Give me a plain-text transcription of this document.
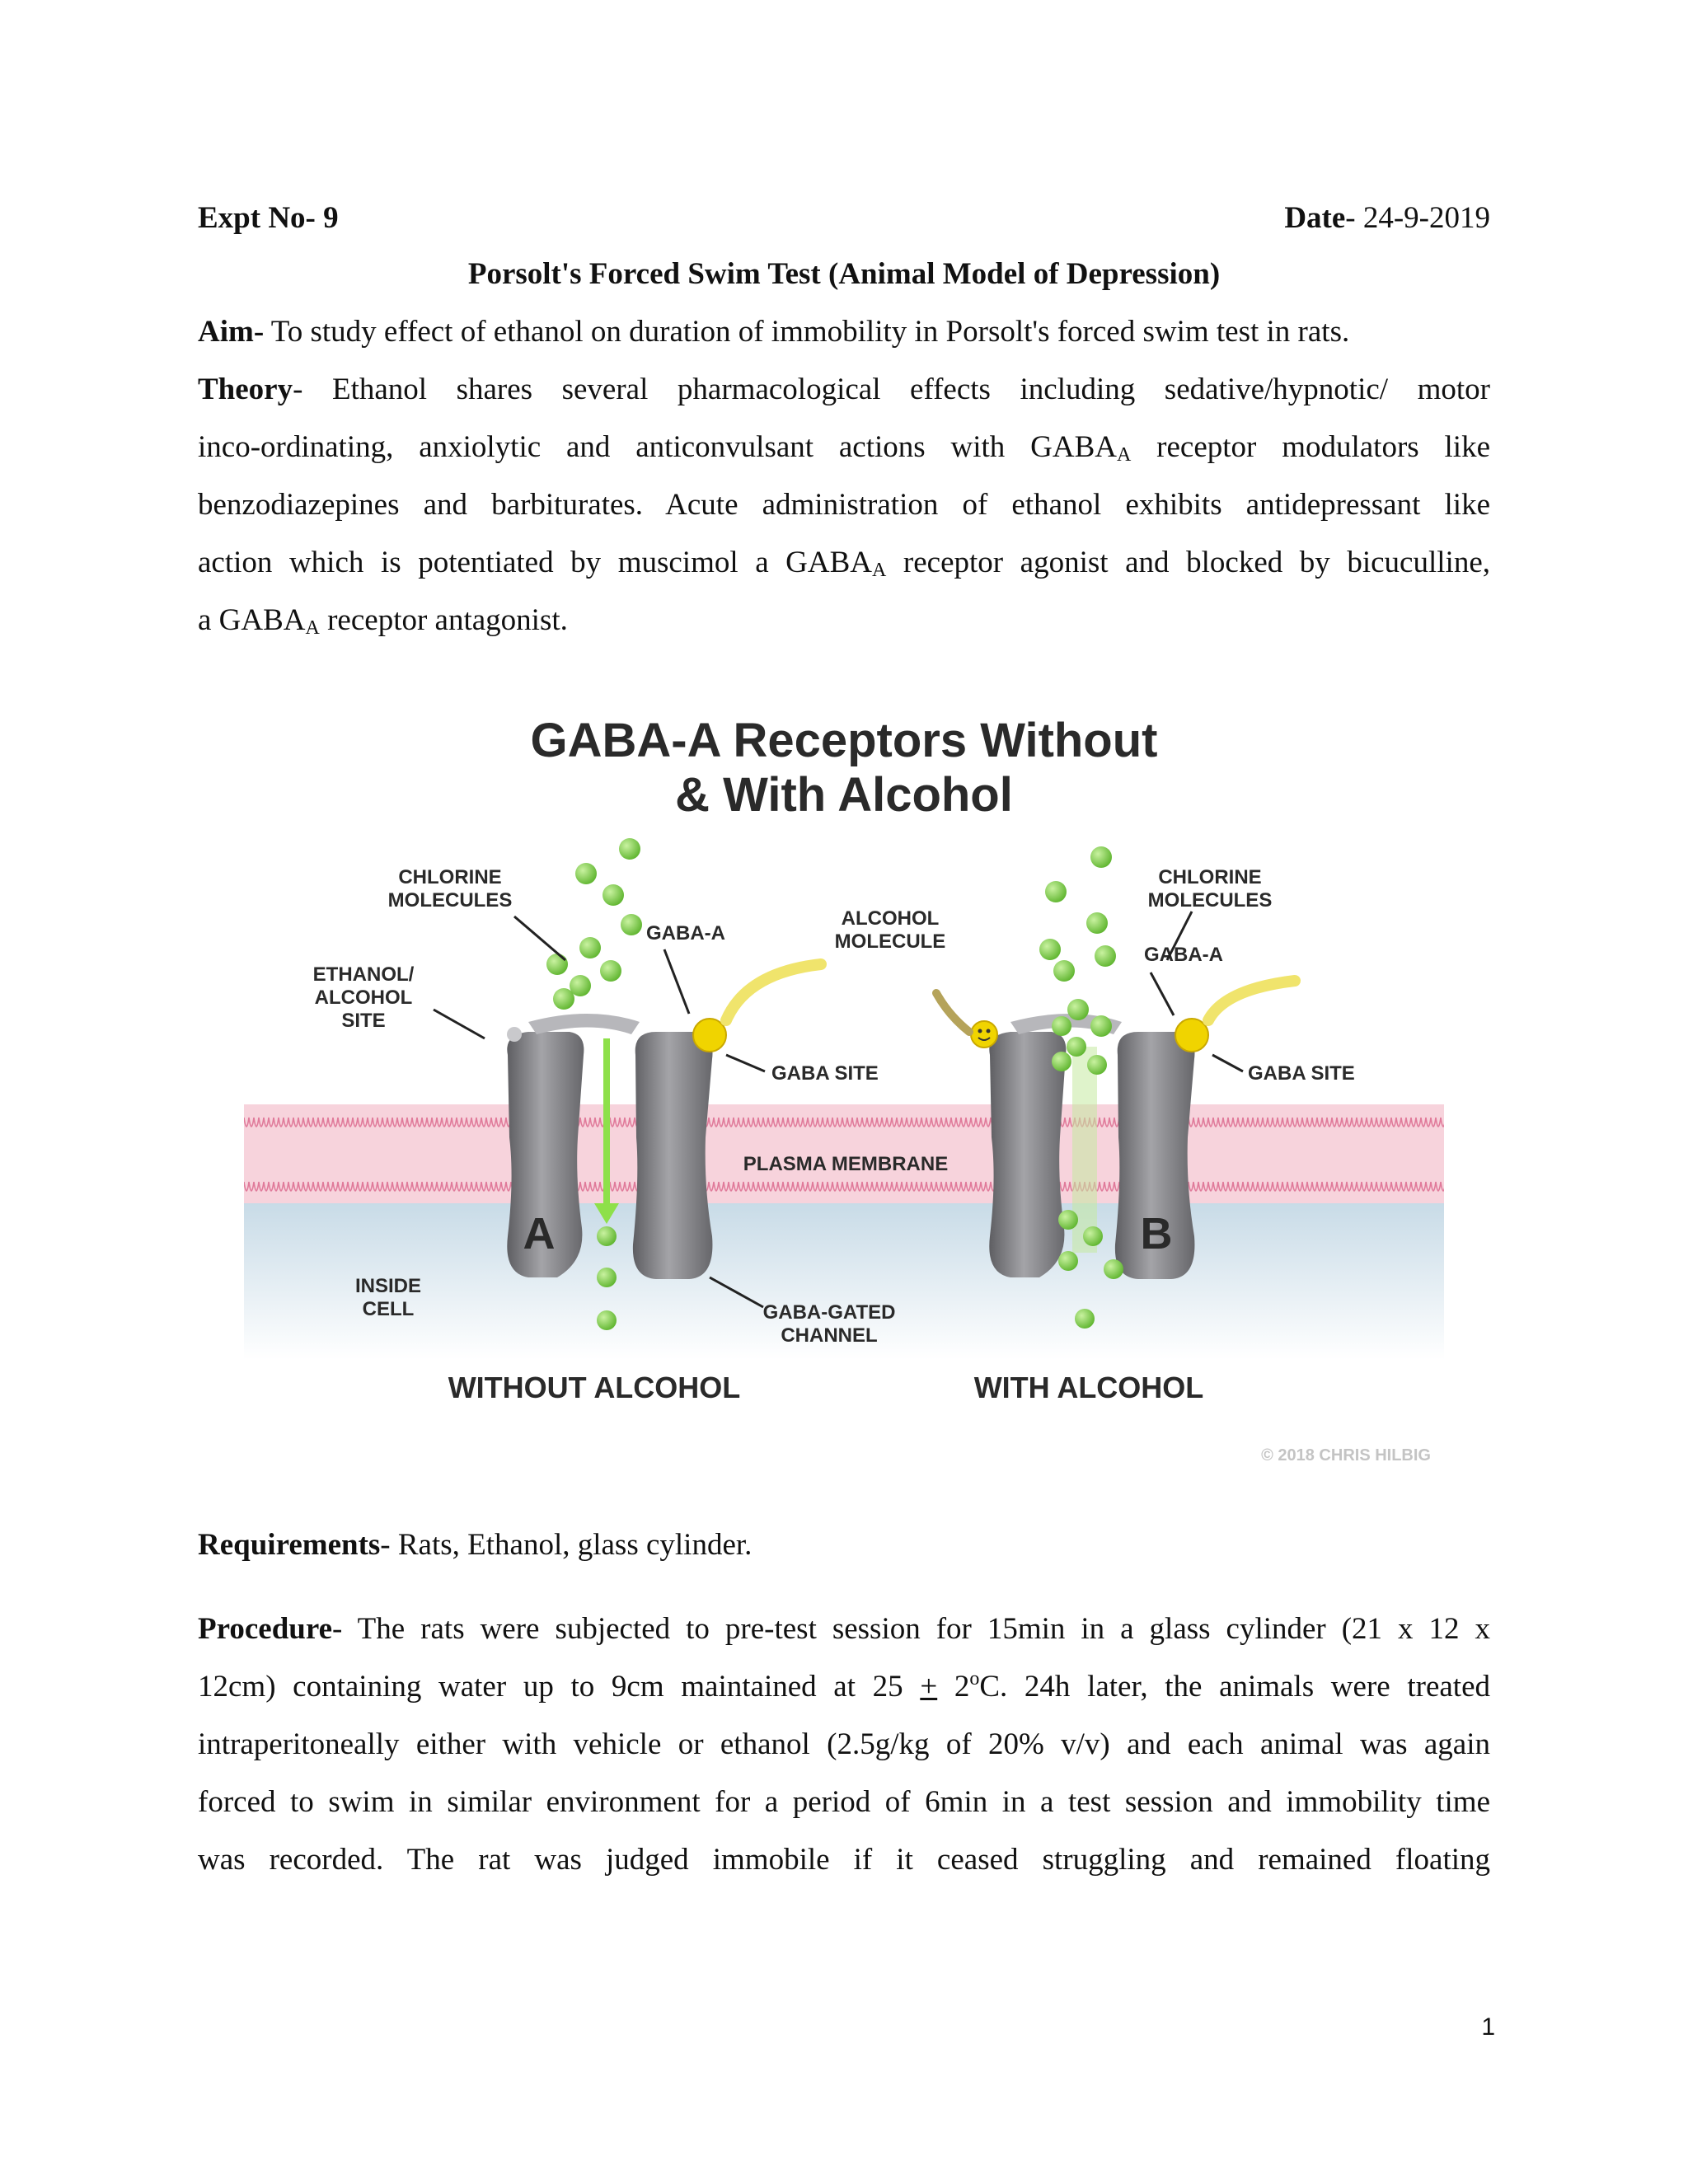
Expt No- 9	Date- 24-9-2019
Porsolt's Forced Swim Test (Animal Model of Depression)
Aim- To study effect of ethanol on duration of immobility in Porsolt's forced swim test in rats.
Theory- Ethanol shares several pharmacological effects including sedative/hypnotic/ motor
inco-ordinating, anxiolytic and anticonvulsant actions with $GABA_A$ receptor modulators like
benzodiazepines and barbiturates. Acute administration of ethanol exhibits antidepressant like
action which is potentiated by muscimol a $GABA_A$ receptor agonist and blocked by bicuculline,
a $GABA_A$ receptor antagonist.
GABA-A Receptors Without
& With Alcohol
CHLORINE
MOLECULES
GABA-A
ETHANOL/
ALCOHOL
SITE
GABA SITE
ALCOHOL
MOLECULE
CHLORINE
MOLECULES
GABA-A
GABA SITE
PLASMA MEMBRANE
INSIDE
CELL
A	B
GABA-GATED
CHANNEL
WITHOUT ALCOHOL	WITH ALCOHOL
© 2018 CHRIS HILBIG
Requirements- Rats, Ethanol, glass cylinder.
Procedure- The rats were subjected to pre-test session for 15min in a glass cylinder (21 x 12 x
12cm) containing water up to 9cm maintained at $25 + 2^oC$. 24h later, the animals were treated
intraperitoneally either with vehicle or ethanol (2.5g/kg of 20% v/v) and each animal was again
forced to swim in similar environment for a period of 6min in a test session and immobility time
was recorded. The rat was judged immobile if it ceased struggling and remained floating
1
